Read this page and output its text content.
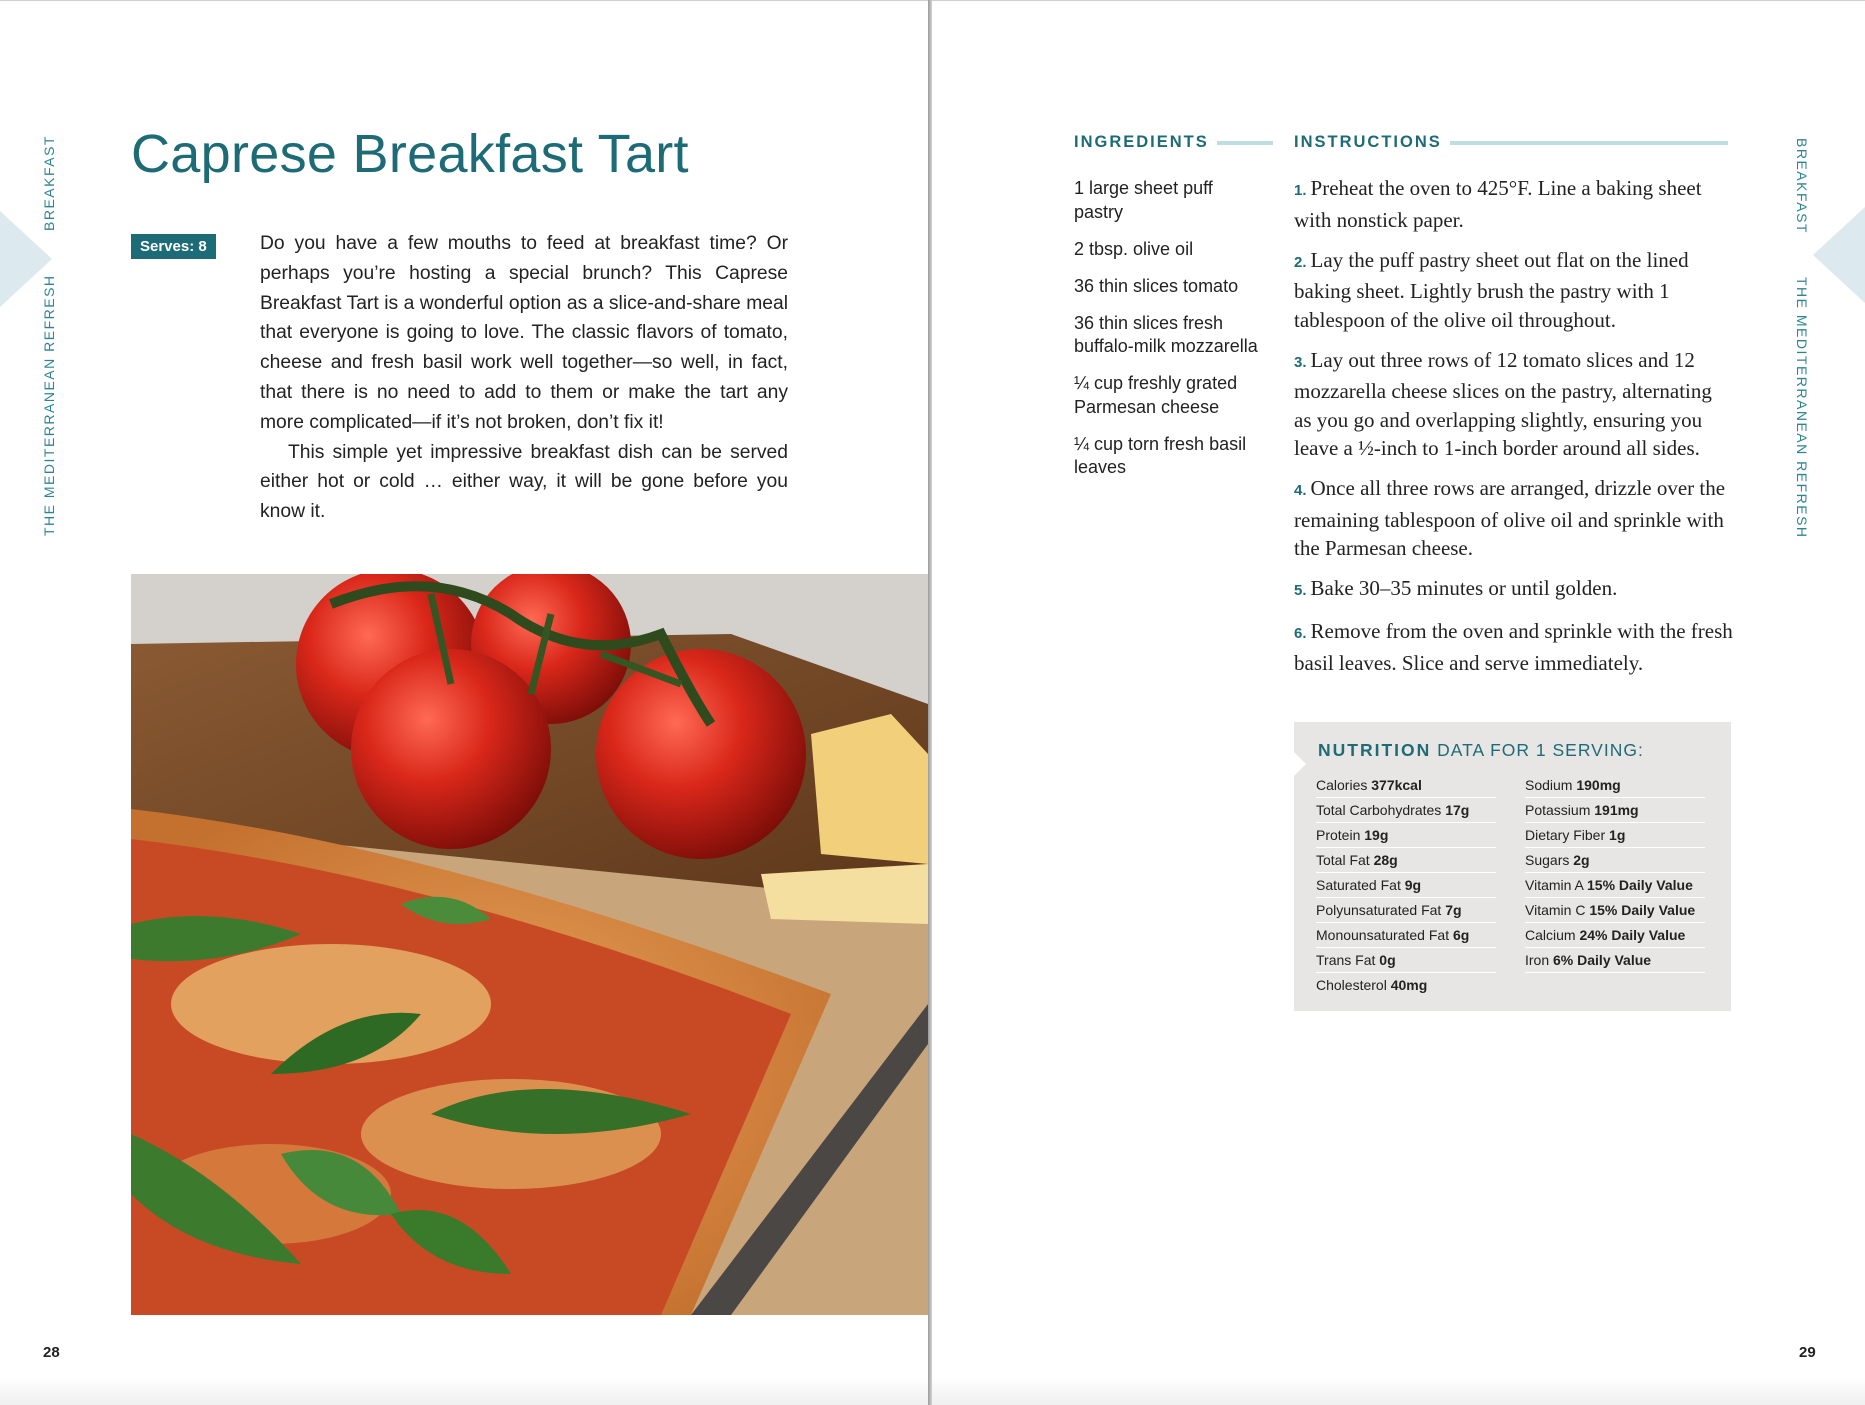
BREAKFAST
THE MEDITERRANEAN REFRESH
Caprese Breakfast Tart
Serves: 8	Do you have a few mouths to feed at breakfast time? Or perhaps you’re hosting a special brunch? This Caprese Breakfast Tart is a wonderful option as a slice-and-share meal that everyone is going to love. The classic flavors of tomato, cheese and fresh basil work well together—so well, in fact, that there is no need to add to them or make the tart any more complicated—if it’s not broken, don’t fix it!

This simple yet impressive breakfast dish can be served either hot or cold … either way, it will be gone before you know it.

28
BREAKFAST
THE MEDITERRANEAN REFRESH
INGREDIENTS
1 large sheet puff pastry
2 tbsp. olive oil
36 thin slices tomato
36 thin slices fresh buffalo-milk mozzarella
¼ cup freshly grated Parmesan cheese
¼ cup torn fresh basil leaves
INSTRUCTIONS
1. Preheat the oven to 425°F. Line a baking sheet with nonstick paper.
2. Lay the puff pastry sheet out flat on the lined baking sheet. Lightly brush the pastry with 1 tablespoon of the olive oil throughout.
3. Lay out three rows of 12 tomato slices and 12 mozzarella cheese slices on the pastry, alternating as you go and overlapping slightly, ensuring you leave a ½-inch to 1-inch border around all sides.
4. Once all three rows are arranged, drizzle over the remaining tablespoon of olive oil and sprinkle with the Parmesan cheese.
5. Bake 30–35 minutes or until golden.
6. Remove from the oven and sprinkle with the fresh basil leaves. Slice and serve immediately.
NUTRITION DATA FOR 1 SERVING:
Calories 377kcal
Total Carbohydrates 17g
Protein 19g
Total Fat 28g
Saturated Fat 9g
Polyunsaturated Fat 7g
Monounsaturated Fat 6g
Trans Fat 0g
Cholesterol 40mg
Sodium 190mg
Potassium 191mg
Dietary Fiber 1g
Sugars 2g
Vitamin A 15% Daily Value
Vitamin C 15% Daily Value
Calcium 24% Daily Value
Iron 6% Daily Value
29
